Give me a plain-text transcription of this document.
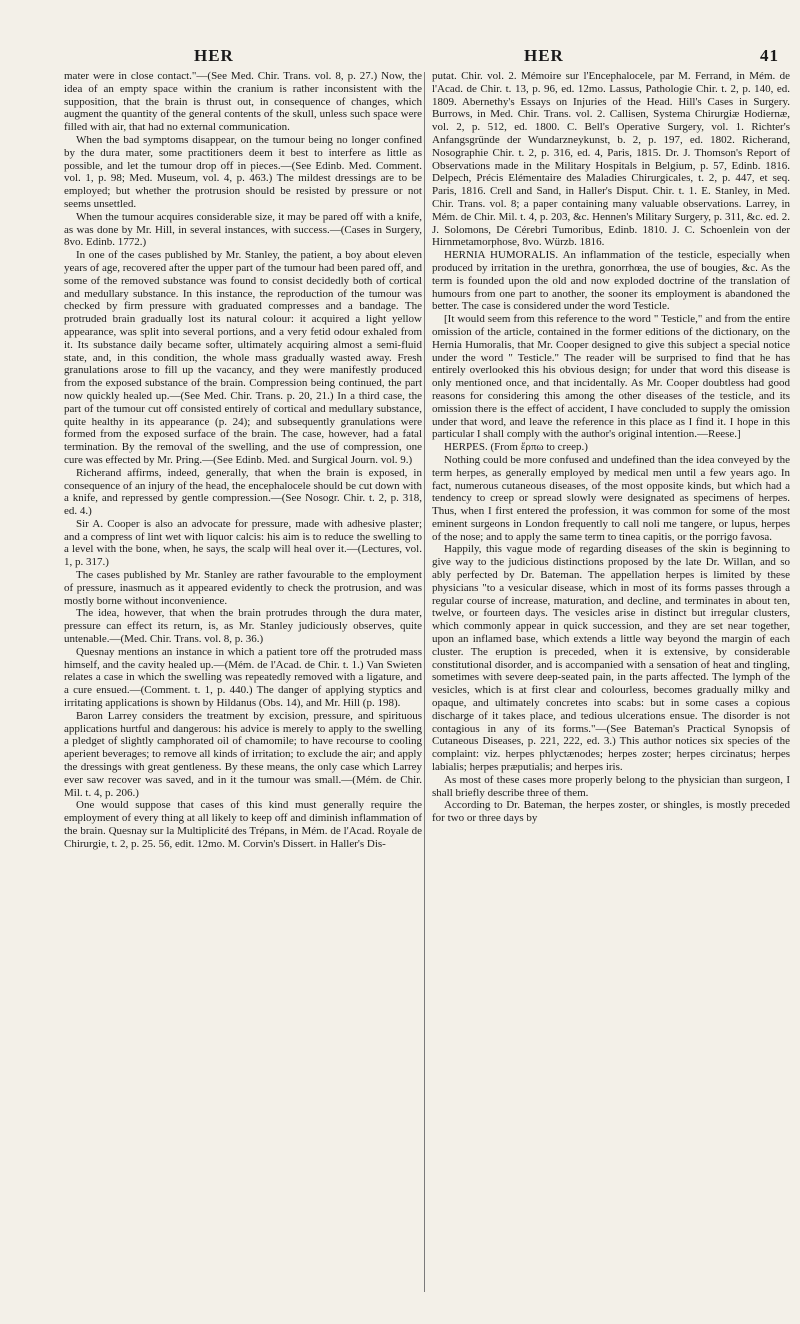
HER	HER	41

mater were in close contact."—(See Med. Chir. Trans. vol. 8, p. 27.) Now, the idea of an empty space within the cranium is rather inconsistent with the supposition, that the brain is thrust out, in consequence of changes, which augment the quantity of the general contents of the skull, unless such space were filled with air, that had no external communication.

When the bad symptoms disappear, on the tumour being no longer confined by the dura mater, some practitioners deem it best to interfere as little as possible, and let the tumour drop off in pieces.—(See Edinb. Med. Comment. vol. 1, p. 98; Med. Museum, vol. 4, p. 463.) The mildest dressings are to be employed; but whether the protrusion should be resisted by pressure or not seems unsettled.

When the tumour acquires considerable size, it may be pared off with a knife, as was done by Mr. Hill, in several instances, with success.—(Cases in Surgery, 8vo. Edinb. 1772.)

In one of the cases published by Mr. Stanley, the patient, a boy about eleven years of age, recovered after the upper part of the tumour had been pared off, and some of the removed substance was found to consist decidedly both of cortical and medullary substance. In this instance, the reproduction of the tumour was checked by firm pressure with graduated compresses and a bandage. The protruded brain gradually lost its natural colour: it acquired a light yellow appearance, was split into several portions, and a very fetid odour exhaled from it. Its substance daily became softer, ultimately acquiring almost a semi-fluid state, and, in this condition, the whole mass gradually wasted away. Fresh granulations arose to fill up the vacancy, and they were manifestly produced from the exposed substance of the brain. Compression being continued, the part now quickly healed up.—(See Med. Chir. Trans. p. 20, 21.) In a third case, the part of the tumour cut off consisted entirely of cortical and medullary substance, quite healthy in its appearance (p. 24); and subsequently granulations were formed from the exposed surface of the brain. The case, however, had a fatal termination. By the removal of the swelling, and the use of compression, one cure was effected by Mr. Pring.—(See Edinb. Med. and Surgical Journ. vol. 9.)

Richerand affirms, indeed, generally, that when the brain is exposed, in consequence of an injury of the head, the encephalocele should be cut down with a knife, and repressed by gentle compression.—(See Nosogr. Chir. t. 2, p. 318, ed. 4.)

Sir A. Cooper is also an advocate for pressure, made with adhesive plaster; and a compress of lint wet with liquor calcis: his aim is to reduce the swelling to a level with the bone, when, he says, the scalp will heal over it.—(Lectures, vol. 1, p. 317.)

The cases published by Mr. Stanley are rather favourable to the employment of pressure, inasmuch as it appeared evidently to check the protrusion, and was mostly borne without inconvenience.

The idea, however, that when the brain protrudes through the dura mater, pressure can effect its return, is, as Mr. Stanley judiciously observes, quite untenable.—(Med. Chir. Trans. vol. 8, p. 36.)

Quesnay mentions an instance in which a patient tore off the protruded mass himself, and the cavity healed up.—(Mém. de l'Acad. de Chir. t. 1.) Van Swieten relates a case in which the swelling was repeatedly removed with a ligature, and a cure ensued.—(Comment. t. 1, p. 440.) The danger of applying styptics and irritating applications is shown by Hildanus (Obs. 14), and Mr. Hill (p. 198).

Baron Larrey considers the treatment by excision, pressure, and spirituous applications hurtful and dangerous: his advice is merely to apply to the swelling a pledget of slightly camphorated oil of chamomile; to have recourse to cooling aperient beverages; to remove all kinds of irritation; to exclude the air; and apply the dressings with great gentleness. By these means, the only case which Larrey ever saw recover was saved, and in it the tumour was small.—(Mém. de Chir. Mil. t. 4, p. 206.)

One would suppose that cases of this kind must generally require the employment of every thing at all likely to keep off and diminish inflammation of the brain. Quesnay sur la Multiplicité des Trépans, in Mém. de l'Acad. Royale de Chirurgie, t. 2, p. 25. 56, edit. 12mo. M. Corvin's Dissert. in Haller's Dis-

putat. Chir. vol. 2. Mémoire sur l'Encephalocele, par M. Ferrand, in Mém. de l'Acad. de Chir. t. 13, p. 96, ed. 12mo. Lassus, Pathologie Chir. t. 2, p. 140, ed. 1809. Abernethy's Essays on Injuries of the Head. Hill's Cases in Surgery. Burrows, in Med. Chir. Trans. vol. 2. Callisen, Systema Chirurgiæ Hodiernæ, vol. 2, p. 512, ed. 1800. C. Bell's Operative Surgery, vol. 1. Richter's Anfangsgründe der Wundarzneykunst, b. 2, p. 197, ed. 1802. Richerand, Nosographie Chir. t. 2, p. 316, ed. 4, Paris, 1815. Dr. J. Thomson's Report of Observations made in the Military Hospitals in Belgium, p. 57, Edinb. 1816. Delpech, Précis Elémentaire des Maladies Chirurgicales, t. 2, p. 447, et seq. Paris, 1816. Crell and Sand, in Haller's Disput. Chir. t. 1. E. Stanley, in Med. Chir. Trans. vol. 8; a paper containing many valuable observations. Larrey, in Mém. de Chir. Mil. t. 4, p. 203, &c. Hennen's Military Surgery, p. 311, &c. ed. 2. J. Solomons, De Cérebri Tumoribus, Edinb. 1810. J. C. Schoenlein von der Hirnmetamorphose, 8vo. Würzb. 1816.

HERNIA HUMORALIS. An inflammation of the testicle, especially when produced by irritation in the urethra, gonorrhœa, the use of bougies, &c. As the term is founded upon the old and now exploded doctrine of the translation of humours from one part to another, the sooner its employment is abandoned the better. The case is considered under the word Testicle.

[It would seem from this reference to the word " Testicle," and from the entire omission of the article, contained in the former editions of the dictionary, on the Hernia Humoralis, that Mr. Cooper designed to give this subject a special notice under the word " Testicle." The reader will be surprised to find that he has entirely overlooked this his obvious design; for under that word this disease is only mentioned once, and that incidentally. As Mr. Cooper doubtless had good reasons for considering this among the other diseases of the testicle, and its omission there is the effect of accident, I have concluded to supply the omission under that word, and leave the reference in this place as I find it. I hope in this particular I shall comply with the author's original intention.—Reese.]

HERPES. (From ἕρπω to creep.)

Nothing could be more confused and undefined than the idea conveyed by the term herpes, as generally employed by medical men until a few years ago. In fact, numerous cutaneous diseases, of the most opposite kinds, but which had a tendency to creep or spread slowly were designated as specimens of herpes. Thus, when I first entered the profession, it was common for some of the most eminent surgeons in London frequently to call noli me tangere, or lupus, herpes of the nose; and to apply the same term to tinea capitis, or the porrigo favosa.

Happily, this vague mode of regarding diseases of the skin is beginning to give way to the judicious distinctions proposed by the late Dr. Willan, and so ably perfected by Dr. Bateman. The appellation herpes is limited by these physicians "to a vesicular disease, which in most of its forms passes through a regular course of increase, maturation, and decline, and terminates in about ten, twelve, or fourteen days. The vesicles arise in distinct but irregular clusters, which commonly appear in quick succession, and they are set near together, upon an inflamed base, which extends a little way beyond the margin of each cluster. The eruption is preceded, when it is extensive, by considerable constitutional disorder, and is accompanied with a sensation of heat and tingling, sometimes with severe deep-seated pain, in the parts affected. The lymph of the vesicles, which is at first clear and colourless, becomes gradually milky and opaque, and ultimately concretes into scabs: but in some cases a copious discharge of it takes place, and tedious ulcerations ensue. The disorder is not contagious in any of its forms."—(See Bateman's Practical Synopsis of Cutaneous Diseases, p. 221, 222, ed. 3.) This author notices six species of the complaint: viz. herpes phlyctænodes; herpes zoster; herpes circinatus; herpes labialis; herpes præputialis; and herpes iris.

As most of these cases more properly belong to the physician than surgeon, I shall briefly describe three of them.

According to Dr. Bateman, the herpes zoster, or shingles, is mostly preceded for two or three days by
